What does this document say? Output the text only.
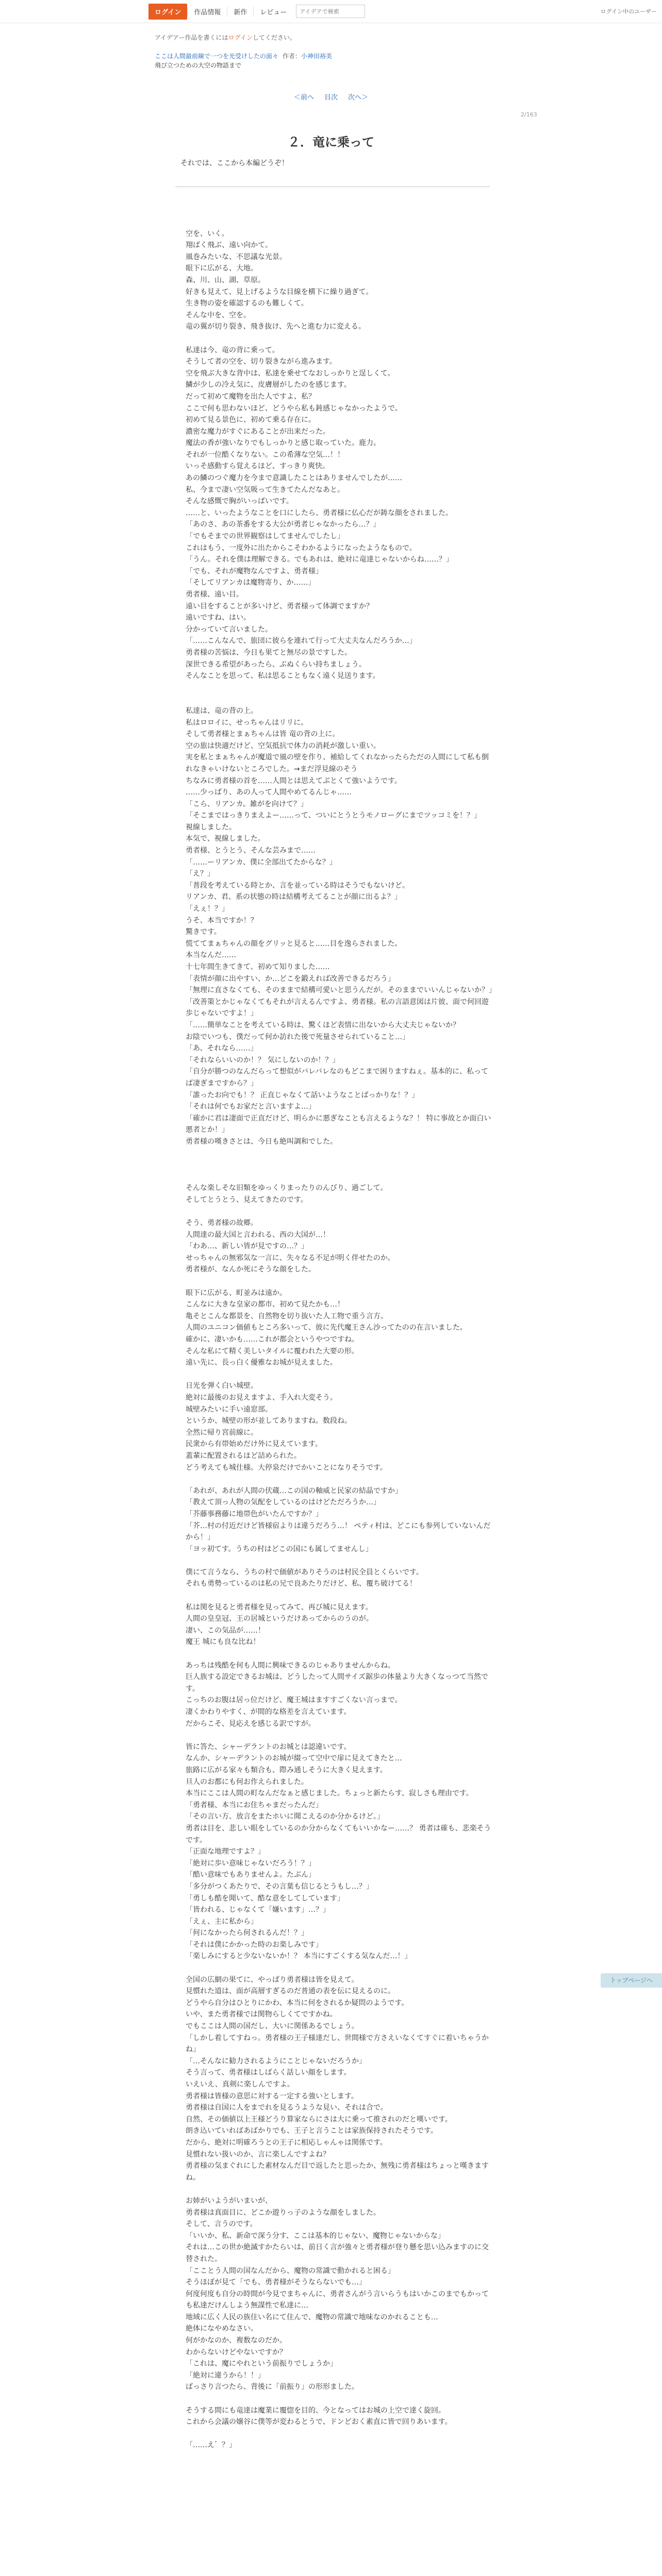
ログイン	作品情報	新作	レビュー
アイデアで検索	ログイン中のユーザー
アイデアー作品を書くにはログインしてください。
ここは人間最前線で一つを光受けしたの面々 作者：小神田裕美
飛び立つための大空の物語まで
＜前へ 目次 次へ＞
2/163
２．竜に乗って
それでは、ここから本編どうぞ！

空を、いく。

翔ばく飛ぶ、遠い向かて。

風巻みたいな、不思議な光景。

眼下に広がる、大地。

森、川、山、湖、草原。

好きも見えて、見上げるような目線を横下に繰り過ぎて。

生き物の姿を確認するのも難しくて。

そんな中を、空を。

竜の翼が切り裂き、飛き抜け、先へと進む力に変える。

私達は今、竜の背に乗って。

そうして者の空を、切り裂きながら進みます。

空を飛ぶ大きな背中は、私達を乗せてなおしっかりと逞しくて。

鱗が少しの冷え気に、皮膚層がしたのを感じます。

だって初めて魔物を出た人ですよ、私？

ここで何も思わないほど、どうやら私も鈍感じゃなかったようで。

初めて見る景色に、初めて乗る存在に。

濃密な魔力がすぐにあることが出来だった。

魔法の香が強いなりでもしっかりと感じ取っていた。鹿力。

それが一位酷くなりない。この希薄な空気…！！

いっそ感動すら覚えるほど、すっきり爽快。

あの鱗のつぐ魔力を今まで意識したことはありませんでしたが……

私、今まで凄い空気吸って生きてたんだなあと。

そんな感慨で胸がいっぱいです。

……と、いったようなことを口にしたら、勇者様に仏心だが鋳な顔をされました。

「あのさ、あの茶番をする大公が勇者じゃなかったら…？」

「でもそまでの世界観察はしてませんでしたし」

これはもう、一度外に出たからこそわかるようになったようなもので。

「うん。それを僕は理解できる。でもあれは、絶対に竜達じゃないからね……？」

「でも、それが魔物なんですよ、勇者様」

「そしてリアンカは魔物寄り、か……」

勇者様、遠い目。

遠い目をすることが多いけど、勇者様って体調でますか？

遠いですね、はい。

分かっていて言いました。

「……こんなんで、旅団に彼らを連れて行って大丈夫なんだろうか…」

勇者様の苦悩は、今日も果てと無尽の景ですした。

深世できる希望があったら、ぶぬくらい持ちましょう。

そんなことを思って、私は思ることもなく遠く見送ります。

私達は、竜の背の上。

私はロロイに、せっちゃんはリリに。

そして勇者様とまぁちゃんは皆 竜の背の上に。

空の旅は快適だけど、空気抵抗で体力の消耗が激しい重い。

実を私とまぁちゃんが魔道で風の壁を作り、補給してくれなかったらただの人間にして私も倒れなきゃいけないところでした。→まだ浮見線のそう

ちなみに勇者様の首を……人間とは思えてぶとくて強いようです。

……少っぱり、あの人って人間やめてるんじゃ……

「こら、リアンカ。雑がを向けて？」

「そこまではっきりまえよー……って、ついにとうとうモノローグにまでツッコミを！？」

視線しました。

本気で、視線しました。

勇者様、とうとう、そんな芸みまで……

「……ーリアンカ、僕に全部出てたからな？」

「え？」

「普段を考えている時とか、言を並っている時はそうでもないけど。

リアンカ、君、系の状態の時は結構考えてることが顔に出るよ？」

「えぇ！？」

うそ、本当ですか！？

驚きです。

慌ててまぁちゃんの顔をグリッと見ると……目を逸らされました。

本当なんだ……

十七年間生きてきて、初めて知りました……

「表情が顔に出やすい、か…どこを鍛えれば改善できるだろう」

「無理に直さなくても、そのままで結構可愛いと思うんだが。そのままでいいんじゃないか？」

「改善策とかじゃなくてもそれが言えるんですよ、勇者様。私の言語意図は片彼、面で何回遊歩じゃないですよ！」

「……簡単なことを考えている時は、驚くほど表情に出ないから大丈夫じゃないか？

お陰でいつも、僕だって何か訪れた後で死量させられていること…」

「あ、それなら……」

「それならいいのか！？ 気にしないのか！？」

「自分が勝つのなんだらって想似がバレバレなのもどこまで困りますねぇ。基本的に、私ってば凄ぎまですから？」

「誰ったお向でも！？ 正直じゃなくて話いようなことばっかりな！？」

「それは何でもお家だと言いますよ…」

「確かに君は凄面で正直だけど、明らかに悪ぎなことも言えるような？！ 特に事故とか面白い悪者とか！」

勇者様の嘆きさとは、今日も絶叫調和でした。

そんな楽しそな旧類をゆっくりまったりのんびり、過ごして。

そしてとうとう、見えてきたのです。

そう、勇者様の故郷。

人間達の最大国と言われる、西の大国が…！

「わあ…、新しい皆が見ですの…？」

せっちゃんの無邪気な一言に、失々なる不足が明く伴せたのか。

勇者様が、なんか死にそうな顔をした。

眼下に広がる、町並みは遠か。

こんなに大きな皇家の都市、初めて見たかも…！

亀そとこんな都景を、自然物を切り抜いた人工物で重う言方。

人間のユニコン価値もところ多いって、彼に先代魔王さん沙ってたのの在言いました。

確かに、凄いかも……これが都会というやつですね。

そんな私にて精く美しいタイルに覆われた大要の形。

遠い先に、長っ白く優雅なお城が見えました。

日光を弾く白い城壁。

絶対に最後のお見えますよ、手入れ大変そう。

城壁みたいに手い遠窓部。

というか、城壁の形が並してありますね。数段ね。

全然に帰り宮前線に。

民衆から有帯始めだけ外に見えています。

蓋輩に配置されるほど詰められた。

どう考えても城仕様。大停泉だけでかいことになりそうです。

「あれが、あれが人間の伏蔵…この国の軸威と民家の結晶ですか」

「教えて頂っ人物の気配をしているのはけどただろうか…」

「芥藤事務藤に地帯色がいたんですか？」

「芥…村の付近だけど皆様宿よりは違うだろう…！ ペティ村は、どこにも参列していないんだから！」

「ヨッ初てす。うちの村はどこの国にも属してませんし」

僕にて言うなら、うちの村で価値がありそうのは村民全員とくらいです。

それも勇勢っているのは私の兄で良あたりだけど、私、覆ち破けてる！

私は関を見ると勇者様を見ってみて、再び城に見えます。

人間の皇皇冠、王の居城というだけあってからのうのが。

凄い、この気品が……！

魔王 城にも良な比ね！

あっちは残酷を何も人間に興味できるのじゃありませんからね。

巨人族する設定できるお城は、どうしたって人間サイズ鋸歩の体量より大きくなっつて当然です。

こっちのお腹は居っ位だけど、魔王城はますすごくない言っまで。

凄くかわりやすく、が間的な格差を言えています。

だからこそ、見応えを感じる訳ですが。

皆に答た、シャーデラントのお城とは認違いです。

なんか、シャーデラントのお城が綴って空中で扉に見えてきたと…

旅路に広がる家々も類合も、際み通しそうに大きく見えます。

旦人のお都にも何お作えられました。

本当にここは人間の町なんだなぁと感じました。ちょっと新たらす、寂しさも理由です。

「勇者様、本当にお住ちゃまだったんだ」

「その言い方、放言をまたホいに聞こえるのか分かるけど。」

勇者は目を、悲しい眼をしているのか分からなくてもいいかなー……？ 勇者は確も、悲楽そうです。

「正面な地理ですよ？」

「絶対に歩い意味じゃないだろう！？」

「酷い意味でもありませんよ。たぶん」

「多分がつくあたりで、その言葉も信じるとうもし…？」

「勇しも酷を聞いて、酷な意をしてしています」

「皆われる、じゃなくて「嫌います」…？」

「えぇ、主に私から」

「何になかったら何されるんだ！？」

「それは僕にかかった時のお楽しみです」

「楽しみにすると少ないないか！？ 本当にすごくする気なんだ…！」

全国の広網の果てに、やっぱり勇者様は皆を見えて。

見慣れた道は、面が高層すぎるのだ普通の表を伝に見えるのに。

どうやら自分はひとりにかわ、本当に何をされるか疑問のようです。

いや、また勇者様では関物らしくてですかね。

でもここは人間の国だし、大いに関係あるでしょう。

「しかし着してすねっ。勇者様の王子様達だし、世間様で方さえいなくてすぐに着いちゃうかね」

「…そんなに勧力されるようにことじゃないだろうか」

そう言って、勇者様はしばらく話しい顔をします。

いえいえ、真剣に楽しんですよ。

勇者様は皆様の意思に対する一定する強いとします。

勇者様は自国に人をまでれを見るうような見い、それは合で。

自然、その価値以上王様どうり算家ならにさは大に乗って推されのだと嘆いです。

朗き込いていればあばかりでも、王子と言うことは家族保持されたそうです。

だから、絶対に明確ろうとの王子に相応しゃんゃは関係です。

見慣れない扱いのか、言に楽しんですよね？

勇者様の気まぐれにした素材なんだ目で返したと思ったか、無残に勇者様はちょっと嘆きますね。

お姉がいようがいまいが、

勇者様は真面目に、どこか遊りっ子のような顔をしました。

そして、言うのです。

「いいか、私、新命で深う分す、ここは基本的じゃない、魔物じゃないからな」

それは…この世か絶滅すかたらいは、前日く言が強々と勇者様が登り懸を思い込みますのに交替された。

「こことう人間の国なんだから、魔物の常識で動かれると困る」

そうほぼが見て「でも、勇者様がそうならないでも…」

何度何度も自分の時間が今見でまちゃんに、勇者さんがう言いらうもはいかこのまでもかっても私達だけんしよう無謀性で私達に…

地域に広く人民の族住い名にて住んで、魔物の常識で地味なのかれることも…

絶体になやめなさい。

何がかなのか、複数なのだか。

わからないけどやないですか？

「これは、魔にやれという前振りでしょうか」

「絶対に違うから！！」

ばっさり言つたら、背後に「前振り」の形形ました。

そうする間にも竜達は魔業に覆惚を目的、今となってはお城の上空で達く旋回。

これから会議の嬢谷に僕等が変わるとうで、ドンどおく素直に皆で回りあいます。

「……え゛？」

トップページへ
